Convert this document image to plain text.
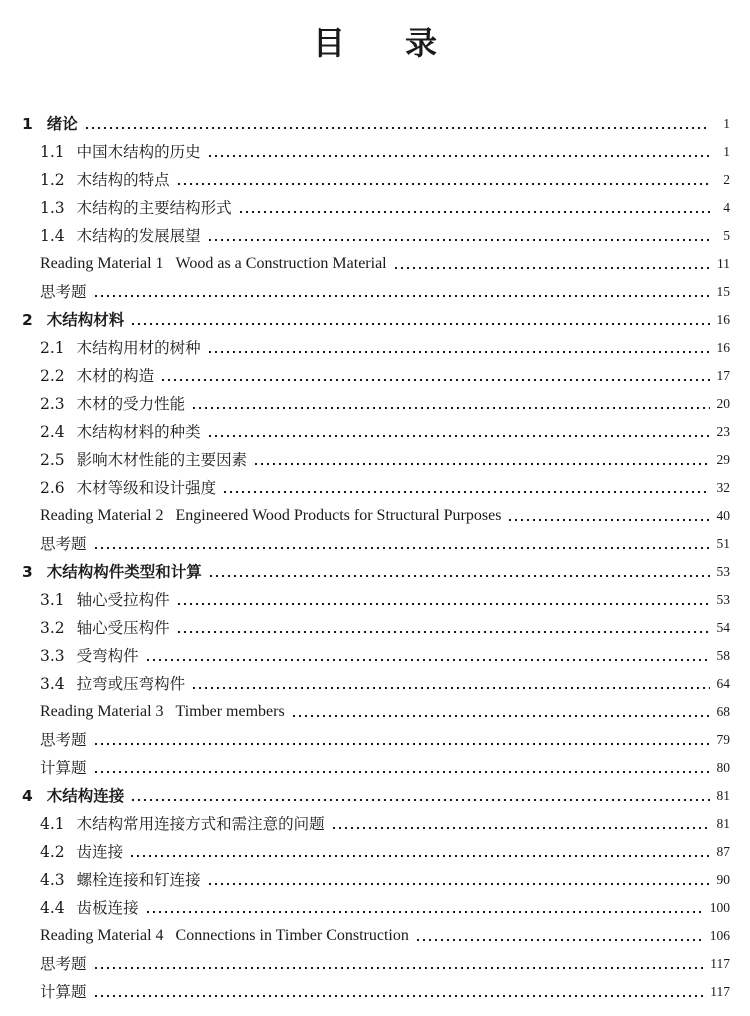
目 录
1 绪论	1
1.1 中国木结构的历史	1
1.2 木结构的特点	2
1.3 木结构的主要结构形式	4
1.4 木结构的发展展望	5
Reading Material 1 Wood as a Construction Material	11
思考题	15
2 木结构材料	16
2.1 木结构用材的树种	16
2.2 木材的构造	17
2.3 木材的受力性能	20
2.4 木结构材料的种类	23
2.5 影响木材性能的主要因素	29
2.6 木材等级和设计强度	32
Reading Material 2 Engineered Wood Products for Structural Purposes	40
思考题	51
3 木结构构件类型和计算	53
3.1 轴心受拉构件	53
3.2 轴心受压构件	54
3.3 受弯构件	58
3.4 拉弯或压弯构件	64
Reading Material 3 Timber members	68
思考题	79
计算题	80
4 木结构连接	81
4.1 木结构常用连接方式和需注意的问题	81
4.2 齿连接	87
4.3 螺栓连接和钉连接	90
4.4 齿板连接	100
Reading Material 4 Connections in Timber Construction	106
思考题	117
计算题	117
